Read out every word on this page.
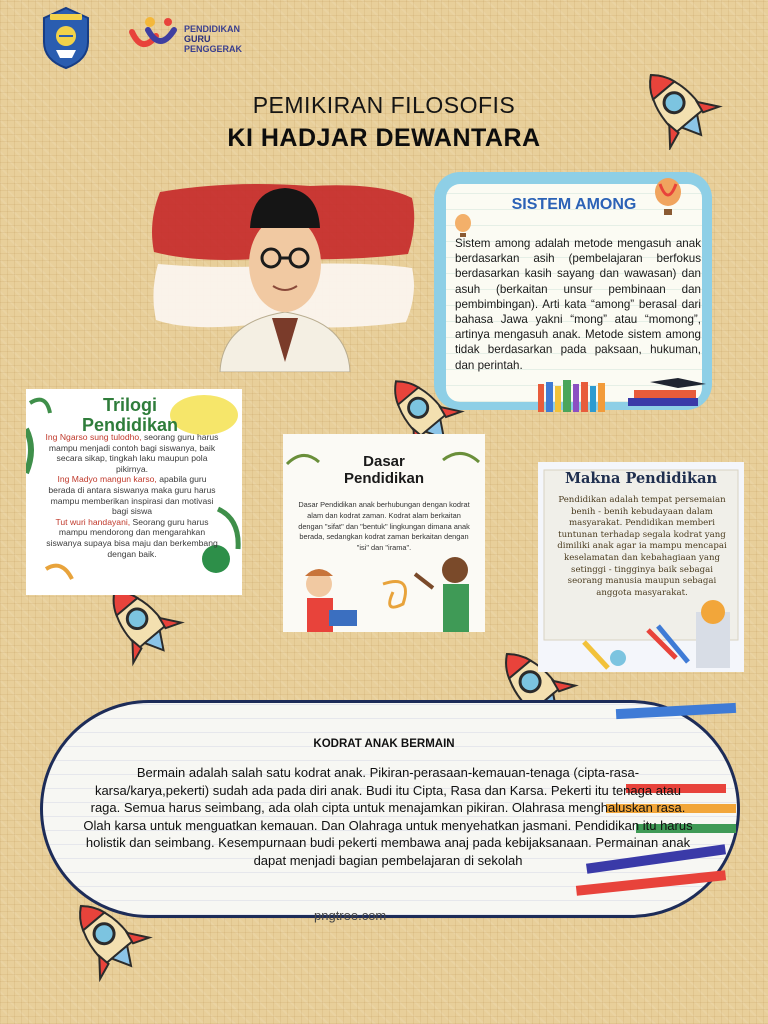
PENDIDIKAN
GURU
PENGGERAK
PEMIKIRAN FILOSOFIS
KI HADJAR DEWANTARA
SISTEM AMONG
Sistem among adalah metode mengasuh anak berdasarkan asih (pembelajaran berfokus berdasarkan kasih sayang dan wawasan) dan asuh (berkaitan unsur pembinaan dan pembimbingan). Arti kata “among” berasal dari bahasa Jawa yakni “mong” atau “momong”, artinya mengasuh anak. Metode sistem among tidak berdasarkan pada paksaan, hukuman, dan perintah.
Trilogi
Pendidikan
Ing Ngarso sung tulodho, seorang guru harus mampu menjadi contoh bagi siswanya, baik secara sikap, tingkah laku maupun pola pikirnya.
Ing Madyo mangun karso, apabila guru berada di antara siswanya maka guru harus mampu memberikan inspirasi dan motivasi bagi siswa
Tut wuri handayani, Seorang guru harus mampu mendorong dan mengarahkan siswanya supaya bisa maju dan berkembang dengan baik.
Dasar
Pendidikan
Dasar Pendidikan anak berhubungan dengan kodrat alam dan kodrat zaman. Kodrat alam berkaitan dengan "sifat" dan "bentuk" lingkungan dimana anak berada, sedangkan kodrat zaman berkaitan dengan "isi" dan "irama".
Makna Pendidikan
Pendidikan adalah tempat persemaian benih - benih kebudayaan dalam masyarakat. Pendidikan memberi tuntunan terhadap segala kodrat yang dimiliki anak agar ia mampu mencapai keselamatan dan kebahagiaan yang setinggi - tingginya baik sebagai seorang manusia maupun sebagai anggota masyarakat.
KODRAT ANAK BERMAIN
Bermain adalah salah satu kodrat anak. Pikiran-perasaan-kemauan-tenaga (cipta-rasa-karsa/karya,pekerti) sudah ada pada diri anak. Budi itu Cipta, Rasa dan Karsa. Pekerti itu tenaga atau raga. Semua harus seimbang, ada olah cipta untuk menajamkan pikiran. Olahrasa menghaluskan rasa. Olah karsa untuk menguatkan kemauan. Dan Olahraga untuk menyehatkan jasmani. Pendidikan itu harus holistik dan seimbang. Kesempurnaan budi pekerti membawa anaj pada kebijaksanaan. Permainan anak dapat menjadi bagian pembelajaran di sekolah
pngtree.com
